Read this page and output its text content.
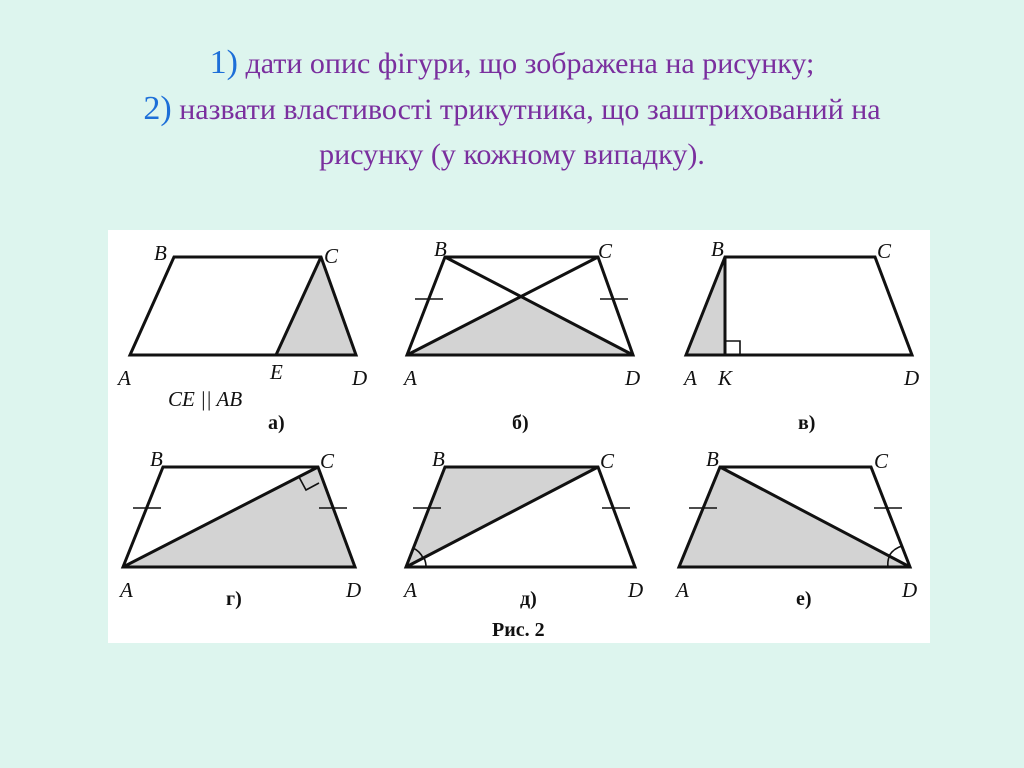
1) дати опис фігури, що зображена на рисунку;
2) назвати властивості трикутника, що заштрихований на
рисунку (у кожному випадку).
B	C
A	E	D
CE || AB
а)
B	C
A	D
б)
B	C
A K	D
в)
B	C
A	D
г)
B	C
A	D
д)
B	C
A	D
е)
Рис. 2
